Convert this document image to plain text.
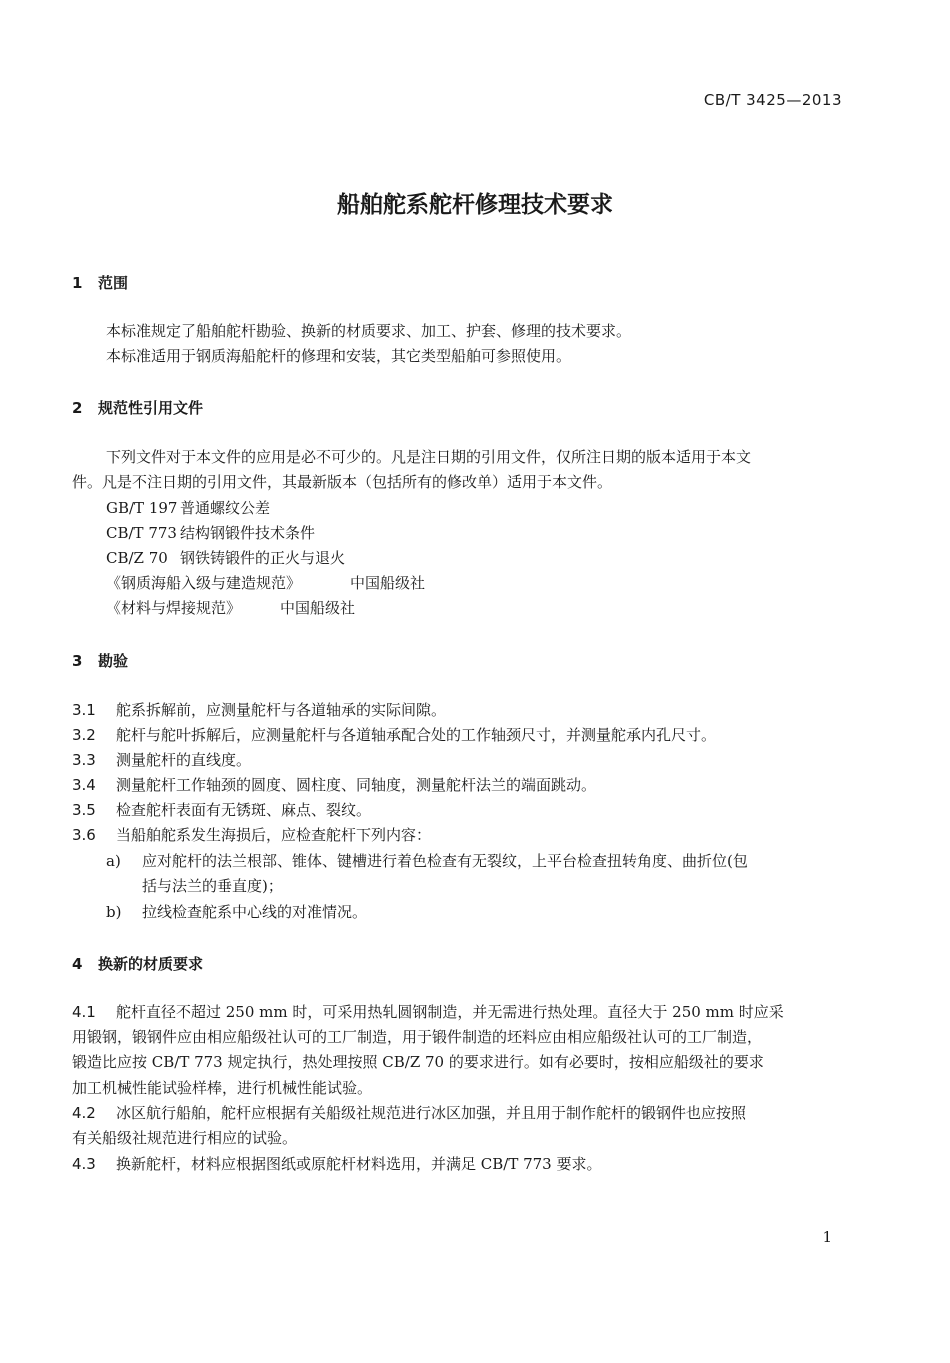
CB/T 3425—2013
船舶舵系舵杆修理技术要求
1 范围
本标准规定了船舶舵杆勘验、换新的材质要求、加工、护套、修理的技术要求。
本标准适用于钢质海船舵杆的修理和安装，其它类型船舶可参照使用。
2 规范性引用文件
下列文件对于本文件的应用是必不可少的。凡是注日期的引用文件，仅所注日期的版本适用于本文
件。凡是不注日期的引用文件，其最新版本（包括所有的修改单）适用于本文件。
GB/T 197 普通螺纹公差
CB/T 773 结构钢锻件技术条件
CB/Z 70 钢铁铸锻件的正火与退火
《钢质海船入级与建造规范》	中国船级社
《材料与焊接规范》	中国船级社
3 勘验
3.1 舵系拆解前，应测量舵杆与各道轴承的实际间隙。
3.2 舵杆与舵叶拆解后，应测量舵杆与各道轴承配合处的工作轴颈尺寸，并测量舵承内孔尺寸。
3.3 测量舵杆的直线度。
3.4 测量舵杆工作轴颈的圆度、圆柱度、同轴度，测量舵杆法兰的端面跳动。
3.5 检查舵杆表面有无锈斑、麻点、裂纹。
3.6 当船舶舵系发生海损后，应检查舵杆下列内容：
a) 应对舵杆的法兰根部、锥体、键槽进行着色检查有无裂纹，上平台检查扭转角度、曲折位(包
括与法兰的垂直度)；
b) 拉线检查舵系中心线的对准情况。
4 换新的材质要求
4.1 舵杆直径不超过 250 mm 时，可采用热轧圆钢制造，并无需进行热处理。直径大于 250 mm 时应采
用锻钢，锻钢件应由相应船级社认可的工厂制造，用于锻件制造的坯料应由相应船级社认可的工厂制造，
锻造比应按 CB/T 773 规定执行，热处理按照 CB/Z 70 的要求进行。如有必要时，按相应船级社的要求
加工机械性能试验样棒，进行机械性能试验。
4.2 冰区航行船舶，舵杆应根据有关船级社规范进行冰区加强，并且用于制作舵杆的锻钢件也应按照
有关船级社规范进行相应的试验。
4.3 换新舵杆，材料应根据图纸或原舵杆材料选用，并满足 CB/T 773 要求。
1
